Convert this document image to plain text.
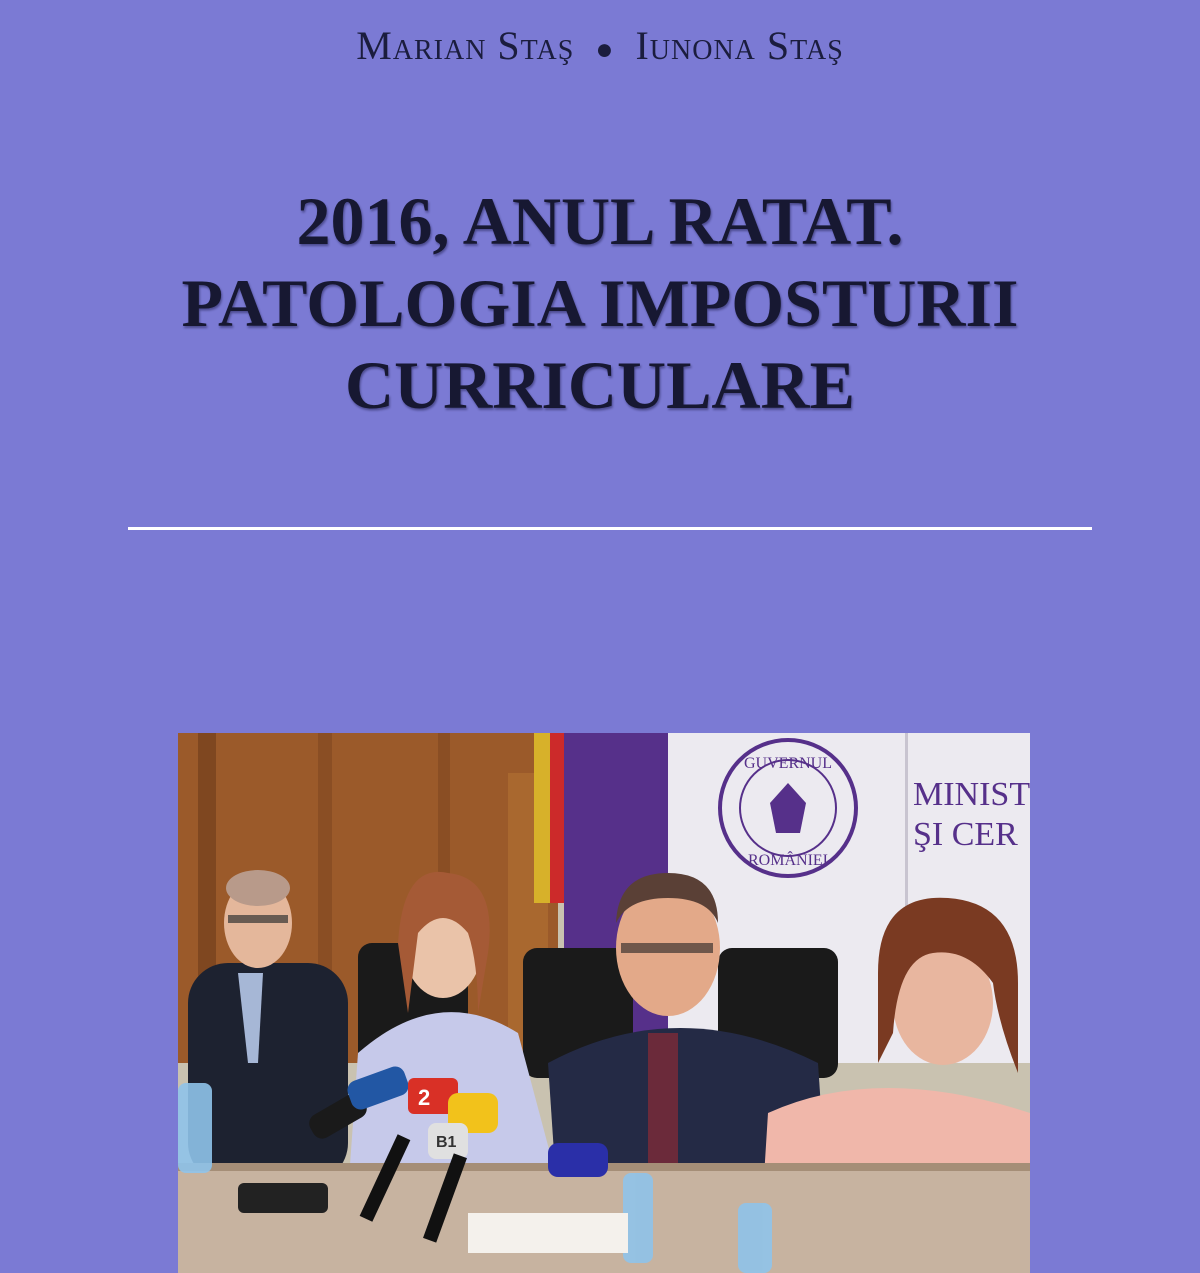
Marian Staş ● Iunona Staş
2016, ANUL RATAT.
PATOLOGIA IMPOSTURII
CURRICULARE
GUVERNUL
ROMÂNIEI
MINIST
ŞI CER
2
B1
